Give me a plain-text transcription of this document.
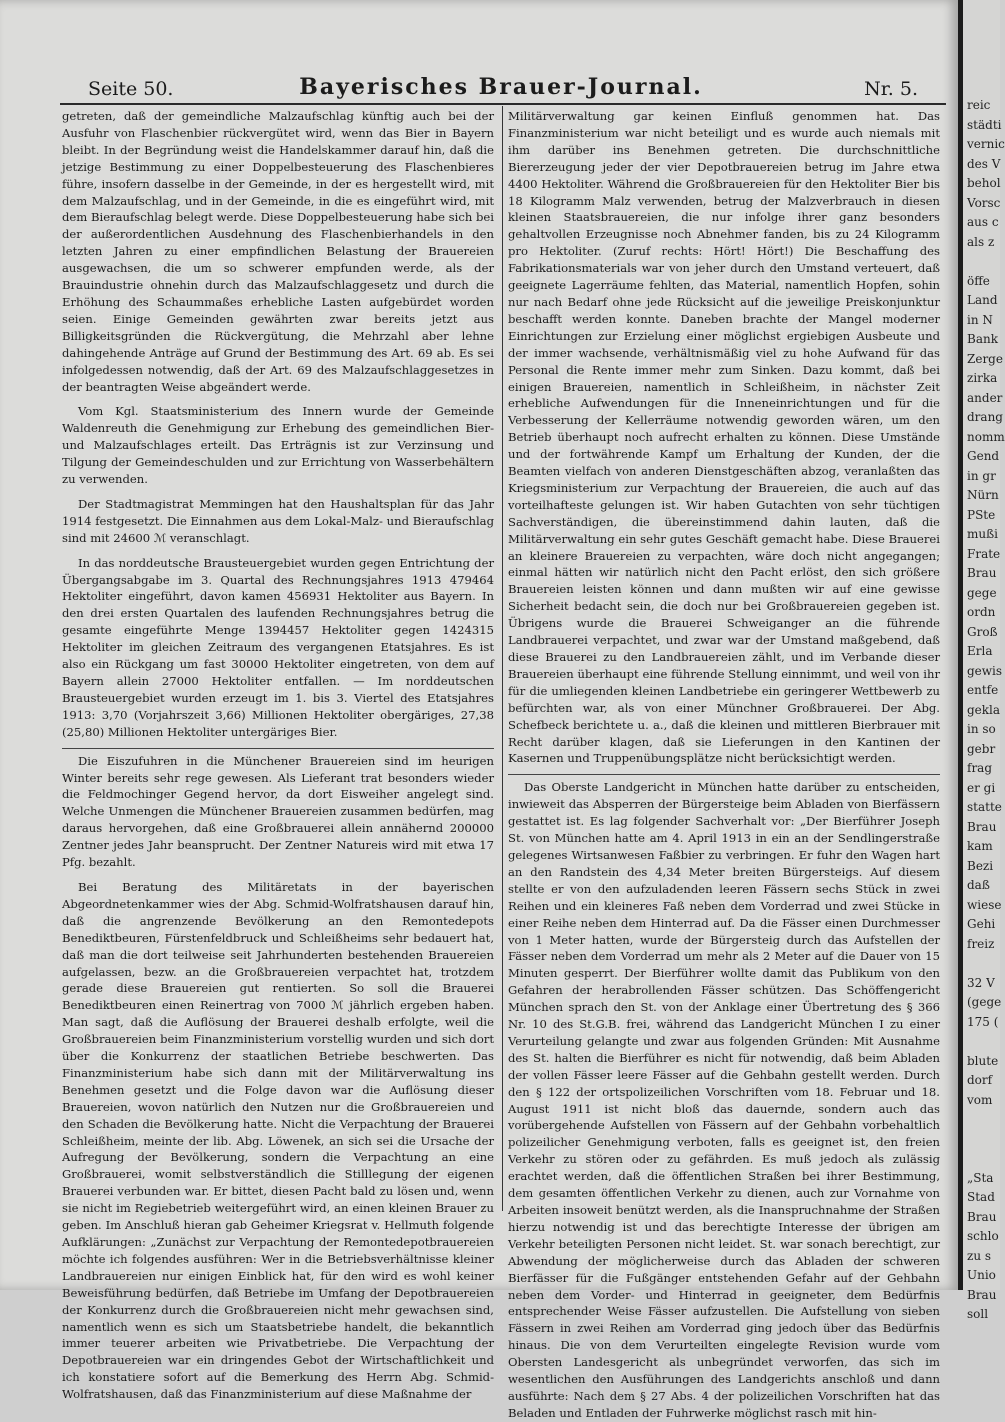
Seite 50.	Bayerisches Brauer-Journal.	Nr. 5.

getreten, daß der gemeindliche Malzaufschlag künftig auch bei der Ausfuhr von Flaschenbier rückvergütet wird, wenn das Bier in Bayern bleibt. In der Begründung weist die Handelskammer darauf hin, daß die jetzige Bestimmung zu einer Doppelbesteuerung des Flaschenbieres führe, insofern dasselbe in der Gemeinde, in der es hergestellt wird, mit dem Malzaufschlag, und in der Gemeinde, in die es eingeführt wird, mit dem Bieraufschlag belegt werde. Diese Doppelbesteuerung habe sich bei der außerordentlichen Ausdehnung des Flaschenbierhandels in den letzten Jahren zu einer empfindlichen Belastung der Brauereien ausgewachsen, die um so schwerer empfunden werde, als der Brauindustrie ohnehin durch das Malzaufschlaggesetz und durch die Erhöhung des Schaummaßes erhebliche Lasten aufgebürdet worden seien. Einige Gemeinden gewährten zwar bereits jetzt aus Billigkeitsgründen die Rückvergütung, die Mehrzahl aber lehne dahingehende Anträge auf Grund der Bestimmung des Art. 69 ab. Es sei infolgedessen notwendig, daß der Art. 69 des Malzaufschlaggesetzes in der beantragten Weise abgeändert werde.

Vom Kgl. Staatsministerium des Innern wurde der Gemeinde Waldenreuth die Genehmigung zur Erhebung des gemeindlichen Bier- und Malzaufschlages erteilt. Das Erträgnis ist zur Verzinsung und Tilgung der Gemeindeschulden und zur Errichtung von Wasserbehältern zu verwenden.

Der Stadtmagistrat Memmingen hat den Haushaltsplan für das Jahr 1914 festgesetzt. Die Einnahmen aus dem Lokal-Malz- und Bieraufschlag sind mit 24600 ℳ veranschlagt.

In das norddeutsche Brausteuergebiet wurden gegen Entrichtung der Übergangsabgabe im 3. Quartal des Rechnungsjahres 1913 479464 Hektoliter eingeführt, davon kamen 456931 Hektoliter aus Bayern. In den drei ersten Quartalen des laufenden Rechnungsjahres betrug die gesamte eingeführte Menge 1394457 Hektoliter gegen 1424315 Hektoliter im gleichen Zeitraum des vergangenen Etatsjahres. Es ist also ein Rückgang um fast 30000 Hektoliter eingetreten, von dem auf Bayern allein 27000 Hektoliter entfallen. — Im norddeutschen Brausteuergebiet wurden erzeugt im 1. bis 3. Viertel des Etatsjahres 1913: 3,70 (Vorjahrszeit 3,66) Millionen Hektoliter obergäriges, 27,38 (25,80) Millionen Hektoliter untergäriges Bier.

Die Eiszufuhren in die Münchener Brauereien sind im heurigen Winter bereits sehr rege gewesen. Als Lieferant trat besonders wieder die Feldmochinger Gegend hervor, da dort Eisweiher angelegt sind. Welche Unmengen die Münchener Brauereien zusammen bedürfen, mag daraus hervorgehen, daß eine Großbrauerei allein annähernd 200000 Zentner jedes Jahr beansprucht. Der Zentner Natureis wird mit etwa 17 Pfg. bezahlt.

Bei Beratung des Militäretats in der bayerischen Abgeordnetenkammer wies der Abg. Schmid-Wolfratshausen darauf hin, daß die angrenzende Bevölkerung an den Remontedepots Benediktbeuren, Fürstenfeldbruck und Schleißheims sehr bedauert hat, daß man die dort teilweise seit Jahrhunderten bestehenden Brauereien aufgelassen, bezw. an die Großbrauereien verpachtet hat, trotzdem gerade diese Brauereien gut rentierten. So soll die Brauerei Benediktbeuren einen Reinertrag von 7000 ℳ jährlich ergeben haben. Man sagt, daß die Auflösung der Brauerei deshalb erfolgte, weil die Großbrauereien beim Finanzministerium vorstellig wurden und sich dort über die Konkurrenz der staatlichen Betriebe beschwerten. Das Finanzministerium habe sich dann mit der Militärverwaltung ins Benehmen gesetzt und die Folge davon war die Auflösung dieser Brauereien, wovon natürlich den Nutzen nur die Großbrauereien und den Schaden die Bevölkerung hatte. Nicht die Verpachtung der Brauerei Schleißheim, meinte der lib. Abg. Löwenek, an sich sei die Ursache der Aufregung der Bevölkerung, sondern die Verpachtung an eine Großbrauerei, womit selbstverständlich die Stilllegung der eigenen Brauerei verbunden war. Er bittet, diesen Pacht bald zu lösen und, wenn sie nicht im Regiebetrieb weitergeführt wird, an einen kleinen Brauer zu geben. Im Anschluß hieran gab Geheimer Kriegsrat v. Hellmuth folgende Aufklärungen: „Zunächst zur Verpachtung der Remontedepotbrauereien möchte ich folgendes ausführen: Wer in die Betriebsverhältnisse kleiner Landbrauereien nur einigen Einblick hat, für den wird es wohl keiner Beweisführung bedürfen, daß Betriebe im Umfang der Depotbrauereien der Konkurrenz durch die Großbrauereien nicht mehr gewachsen sind, namentlich wenn es sich um Staatsbetriebe handelt, die bekanntlich immer teuerer arbeiten wie Privatbetriebe. Die Verpachtung der Depotbrauereien war ein dringendes Gebot der Wirtschaftlichkeit und ich konstatiere sofort auf die Bemerkung des Herrn Abg. Schmid-Wolfratshausen, daß das Finanzministerium auf diese Maßnahme der

Militärverwaltung gar keinen Einfluß genommen hat. Das Finanzministerium war nicht beteiligt und es wurde auch niemals mit ihm darüber ins Benehmen getreten. Die durchschnittliche Biererzeugung jeder der vier Depotbrauereien betrug im Jahre etwa 4400 Hektoliter. Während die Großbrauereien für den Hektoliter Bier bis 18 Kilogramm Malz verwenden, betrug der Malzverbrauch in diesen kleinen Staatsbrauereien, die nur infolge ihrer ganz besonders gehaltvollen Erzeugnisse noch Abnehmer fanden, bis zu 24 Kilogramm pro Hektoliter. (Zuruf rechts: Hört! Hört!) Die Beschaffung des Fabrikationsmaterials war von jeher durch den Umstand verteuert, daß geeignete Lagerräume fehlten, das Material, namentlich Hopfen, sohin nur nach Bedarf ohne jede Rücksicht auf die jeweilige Preiskonjunktur beschafft werden konnte. Daneben brachte der Mangel moderner Einrichtungen zur Erzielung einer möglichst ergiebigen Ausbeute und der immer wachsende, verhältnismäßig viel zu hohe Aufwand für das Personal die Rente immer mehr zum Sinken. Dazu kommt, daß bei einigen Brauereien, namentlich in Schleißheim, in nächster Zeit erhebliche Aufwendungen für die Inneneinrichtungen und für die Verbesserung der Kellerräume notwendig geworden wären, um den Betrieb überhaupt noch aufrecht erhalten zu können. Diese Umstände und der fortwährende Kampf um Erhaltung der Kunden, der die Beamten vielfach von anderen Dienstgeschäften abzog, veranlaßten das Kriegsministerium zur Verpachtung der Brauereien, die auch auf das vorteilhafteste gelungen ist. Wir haben Gutachten von sehr tüchtigen Sachverständigen, die übereinstimmend dahin lauten, daß die Militärverwaltung ein sehr gutes Geschäft gemacht habe. Diese Brauerei an kleinere Brauereien zu verpachten, wäre doch nicht angegangen; einmal hätten wir natürlich nicht den Pacht erlöst, den sich größere Brauereien leisten können und dann mußten wir auf eine gewisse Sicherheit bedacht sein, die doch nur bei Großbrauereien gegeben ist. Übrigens wurde die Brauerei Schweiganger an die führende Landbrauerei verpachtet, und zwar war der Umstand maßgebend, daß diese Brauerei zu den Landbrauereien zählt, und im Verbande dieser Brauereien überhaupt eine führende Stellung einnimmt, und weil von ihr für die umliegenden kleinen Landbetriebe ein geringerer Wettbewerb zu befürchten war, als von einer Münchner Großbrauerei. Der Abg. Schefbeck berichtete u. a., daß die kleinen und mittleren Bierbrauer mit Recht darüber klagen, daß sie Lieferungen in den Kantinen der Kasernen und Truppenübungsplätze nicht berücksichtigt werden.

Das Oberste Landgericht in München hatte darüber zu entscheiden, inwieweit das Absperren der Bürgersteige beim Abladen von Bierfässern gestattet ist. Es lag folgender Sachverhalt vor: „Der Bierführer Joseph St. von München hatte am 4. April 1913 in ein an der Sendlingerstraße gelegenes Wirtsanwesen Faßbier zu verbringen. Er fuhr den Wagen hart an den Randstein des 4,34 Meter breiten Bürgersteigs. Auf diesem stellte er von den aufzuladenden leeren Fässern sechs Stück in zwei Reihen und ein kleineres Faß neben dem Vorderrad und zwei Stücke in einer Reihe neben dem Hinterrad auf. Da die Fässer einen Durchmesser von 1 Meter hatten, wurde der Bürgersteig durch das Aufstellen der Fässer neben dem Vorderrad um mehr als 2 Meter auf die Dauer von 15 Minuten gesperrt. Der Bierführer wollte damit das Publikum von den Gefahren der herabrollenden Fässer schützen. Das Schöffengericht München sprach den St. von der Anklage einer Übertretung des § 366 Nr. 10 des St.G.B. frei, während das Landgericht München I zu einer Verurteilung gelangte und zwar aus folgenden Gründen: Mit Ausnahme des St. halten die Bierführer es nicht für notwendig, daß beim Abladen der vollen Fässer leere Fässer auf die Gehbahn gestellt werden. Durch den § 122 der ortspolizeilichen Vorschriften vom 18. Februar und 18. August 1911 ist nicht bloß das dauernde, sondern auch das vorübergehende Aufstellen von Fässern auf der Gehbahn vorbehaltlich polizeilicher Genehmigung verboten, falls es geeignet ist, den freien Verkehr zu stören oder zu gefährden. Es muß jedoch als zulässig erachtet werden, daß die öffentlichen Straßen bei ihrer Bestimmung, dem gesamten öffentlichen Verkehr zu dienen, auch zur Vornahme von Arbeiten insoweit benützt werden, als die Inanspruchnahme der Straßen hierzu notwendig ist und das berechtigte Interesse der übrigen am Verkehr beteiligten Personen nicht leidet. St. war sonach berechtigt, zur Abwendung der möglicherweise durch das Abladen der schweren Bierfässer für die Fußgänger entstehenden Gefahr auf der Gehbahn neben dem Vorder- und Hinterrad in geeigneter, dem Bedürfnis entsprechender Weise Fässer aufzustellen. Die Aufstellung von sieben Fässern in zwei Reihen am Vorderrad ging jedoch über das Bedürfnis hinaus. Die von dem Verurteilten eingelegte Revision wurde vom Obersten Landesgericht als unbegründet verworfen, das sich im wesentlichen den Ausführungen des Landgerichts anschloß und dann ausführte: Nach dem § 27 Abs. 4 der polizeilichen Vorschriften hat das Beladen und Entladen der Fuhrwerke möglichst rasch mit hin-

reic
städti
vernic
des V
behol
Vorsc
aus c
als z

öffe
Land
in N
Bank
Zerge
zirka
ander
drang
nomm
Gend
in gr
Nürn
PSte
mußi
Frate
Brau
gege
ordn
Groß
Erla
gewis
entfe
gekla
in so
gebr
frag
er gi
statte
Brau
kam
Bezi
daß
wiese
Gehi
freiz

32 V
(gege
175 (

blute
dorf
vom

„Sta
Stad
Brau
schlo
zu s
Unio
Brau
soll
